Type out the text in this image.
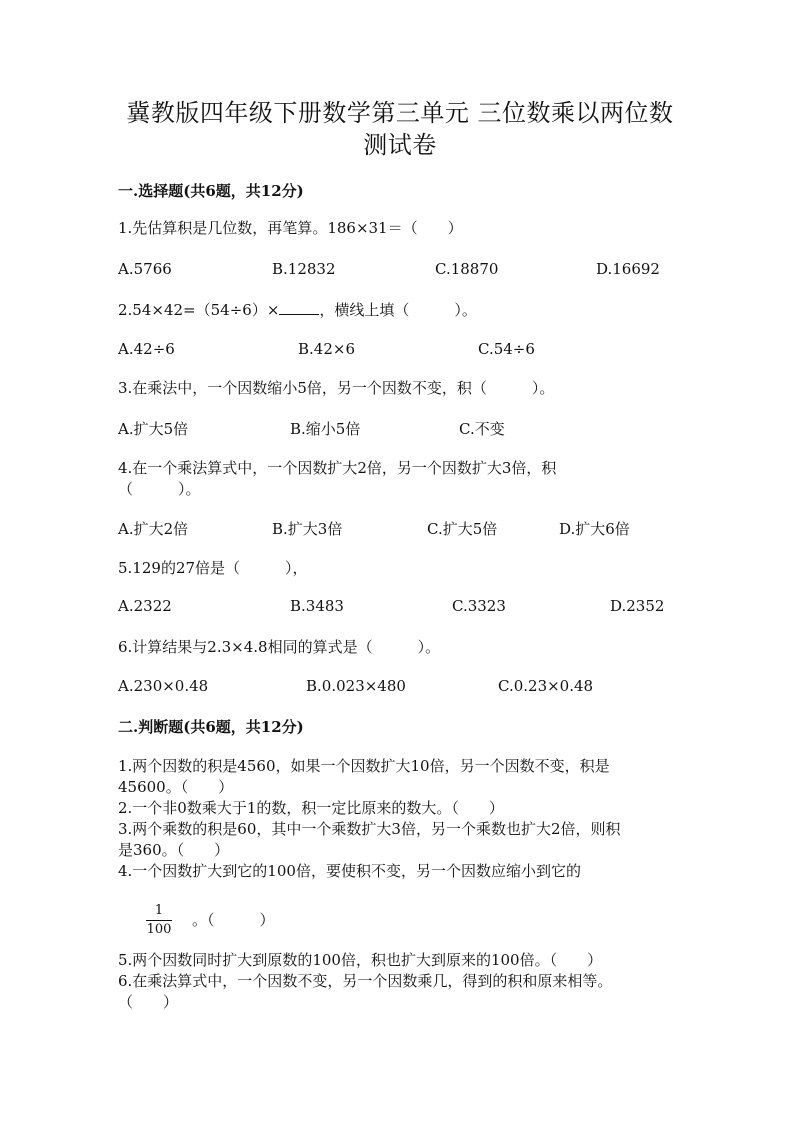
冀教版四年级下册数学第三单元 三位数乘以两位数
测试卷
一.选择题(共6题，共12分)
1.先估算积是几位数，再笔算。186×31＝（　　）
A.5766	B.12832	C.18870	D.16692
2.54×42=（54÷6）×	，横线上填（　　　）。
A.42÷6	B.42×6	C.54÷6
3.在乘法中，一个因数缩小5倍，另一个因数不变，积（　　　）。
A.扩大5倍	B.缩小5倍	C.不变
4.在一个乘法算式中，一个因数扩大2倍，另一个因数扩大3倍，积
（　　　）。
A.扩大2倍	B.扩大3倍	C.扩大5倍	D.扩大6倍
5.129的27倍是（　　　），
A.2322	B.3483	C.3323	D.2352
6.计算结果与2.3×4.8相同的算式是（　　　）。
A.230×0.48	B.0.023×480	C.0.23×0.48
二.判断题(共6题，共12分)
1.两个因数的积是4560，如果一个因数扩大10倍，另一个因数不变，积是
45600。（　　）
2.一个非0数乘大于1的数，积一定比原来的数大。（　　）
3.两个乘数的积是60，其中一个乘数扩大3倍，另一个乘数也扩大2倍，则积
是360。（　　）
4.一个因数扩大到它的100倍，要使积不变，另一个因数应缩小到它的
1
100
。（　　　）
5.两个因数同时扩大到原数的100倍，积也扩大到原来的100倍。（　　）
6.在乘法算式中，一个因数不变，另一个因数乘几，得到的积和原来相等。
（　　）
